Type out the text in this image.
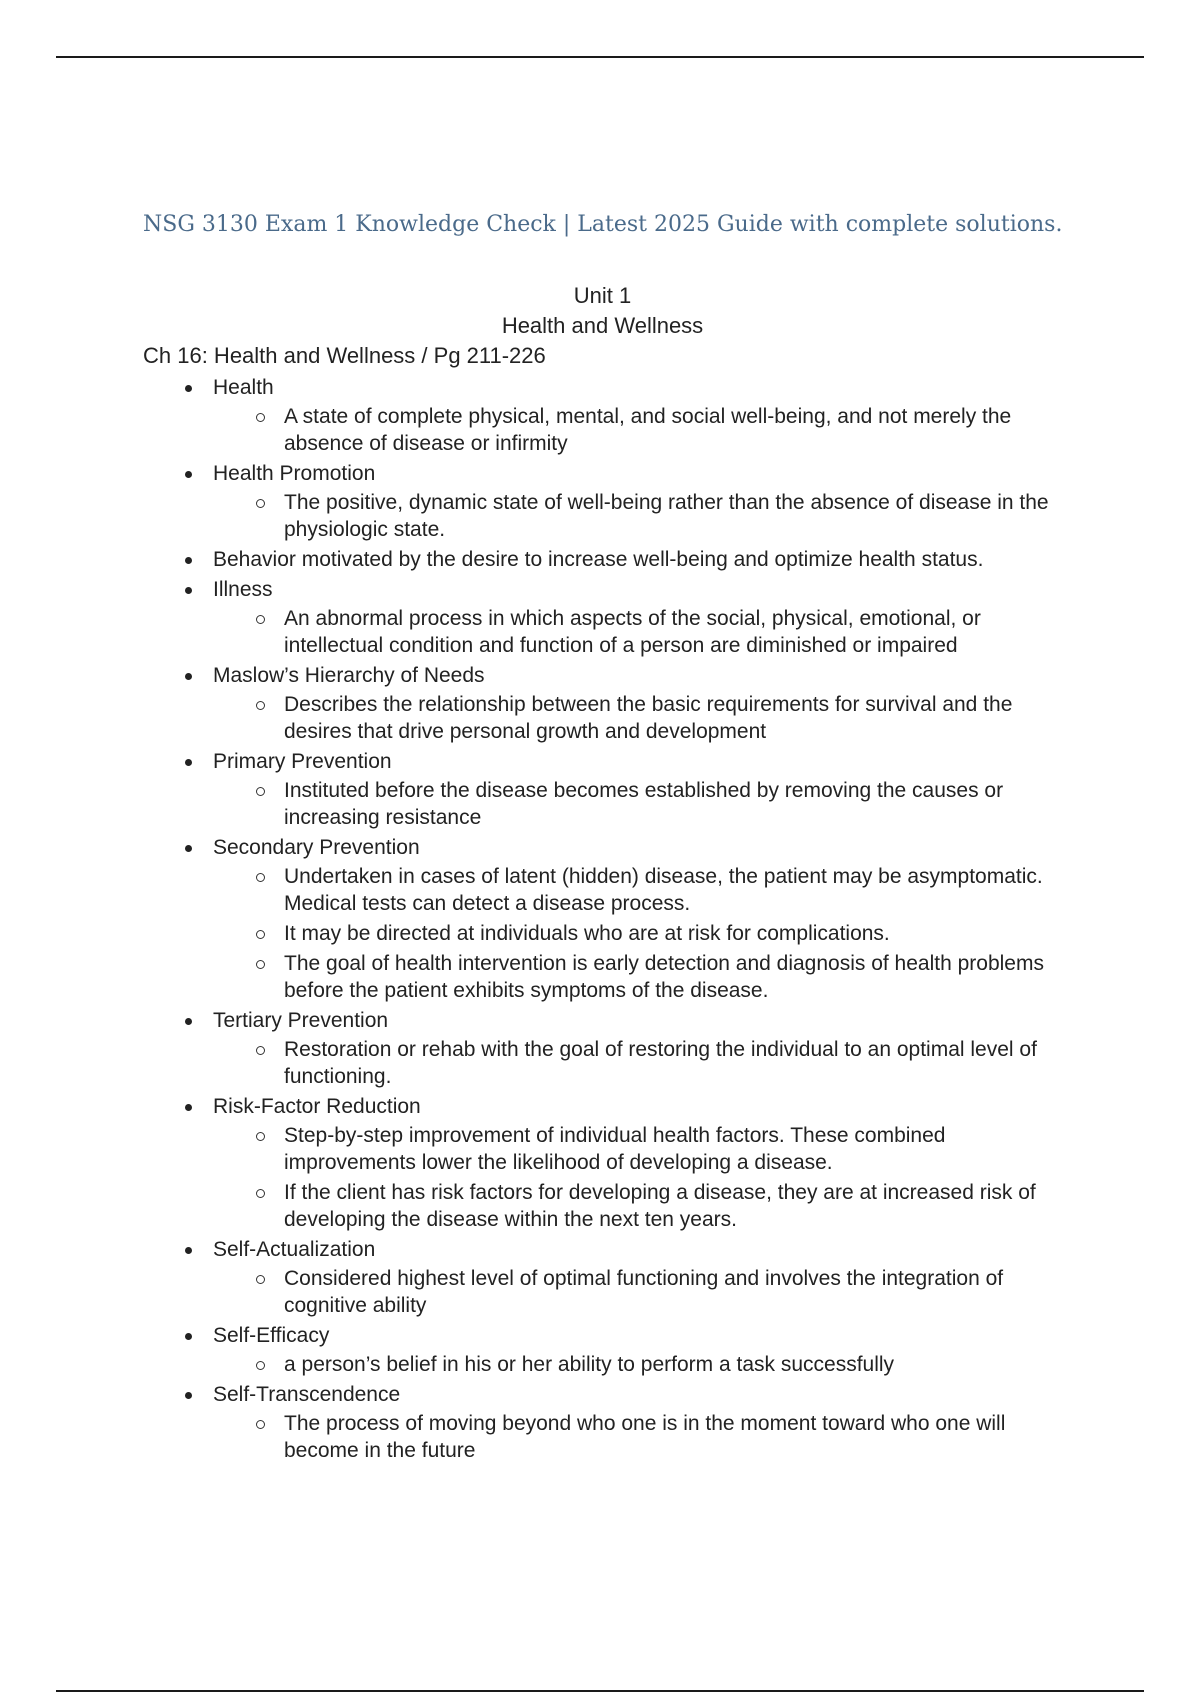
NSG 3130 Exam 1 Knowledge Check | Latest 2025 Guide with complete solutions.

Unit 1

Health and Wellness

Ch 16: Health and Wellness / Pg 211-226

Health
A state of complete physical, mental, and social well-being, and not merely the absence of disease or infirmity
Health Promotion
The positive, dynamic state of well-being rather than the absence of disease in the physiologic state.
Behavior motivated by the desire to increase well-being and optimize health status.
Illness
An abnormal process in which aspects of the social, physical, emotional, or intellectual condition and function of a person are diminished or impaired
Maslow’s Hierarchy of Needs
Describes the relationship between the basic requirements for survival and the desires that drive personal growth and development
Primary Prevention
Instituted before the disease becomes established by removing the causes or increasing resistance
Secondary Prevention
Undertaken in cases of latent (hidden) disease, the patient may be asymptomatic. Medical tests can detect a disease process.
It may be directed at individuals who are at risk for complications.
The goal of health intervention is early detection and diagnosis of health problems before the patient exhibits symptoms of the disease.
Tertiary Prevention
Restoration or rehab with the goal of restoring the individual to an optimal level of functioning.
Risk-Factor Reduction
Step-by-step improvement of individual health factors. These combined improvements lower the likelihood of developing a disease.
If the client has risk factors for developing a disease, they are at increased risk of developing the disease within the next ten years.
Self-Actualization
Considered highest level of optimal functioning and involves the integration of cognitive ability
Self-Efficacy
a person’s belief in his or her ability to perform a task successfully
Self-Transcendence
The process of moving beyond who one is in the moment toward who one will become in the future
